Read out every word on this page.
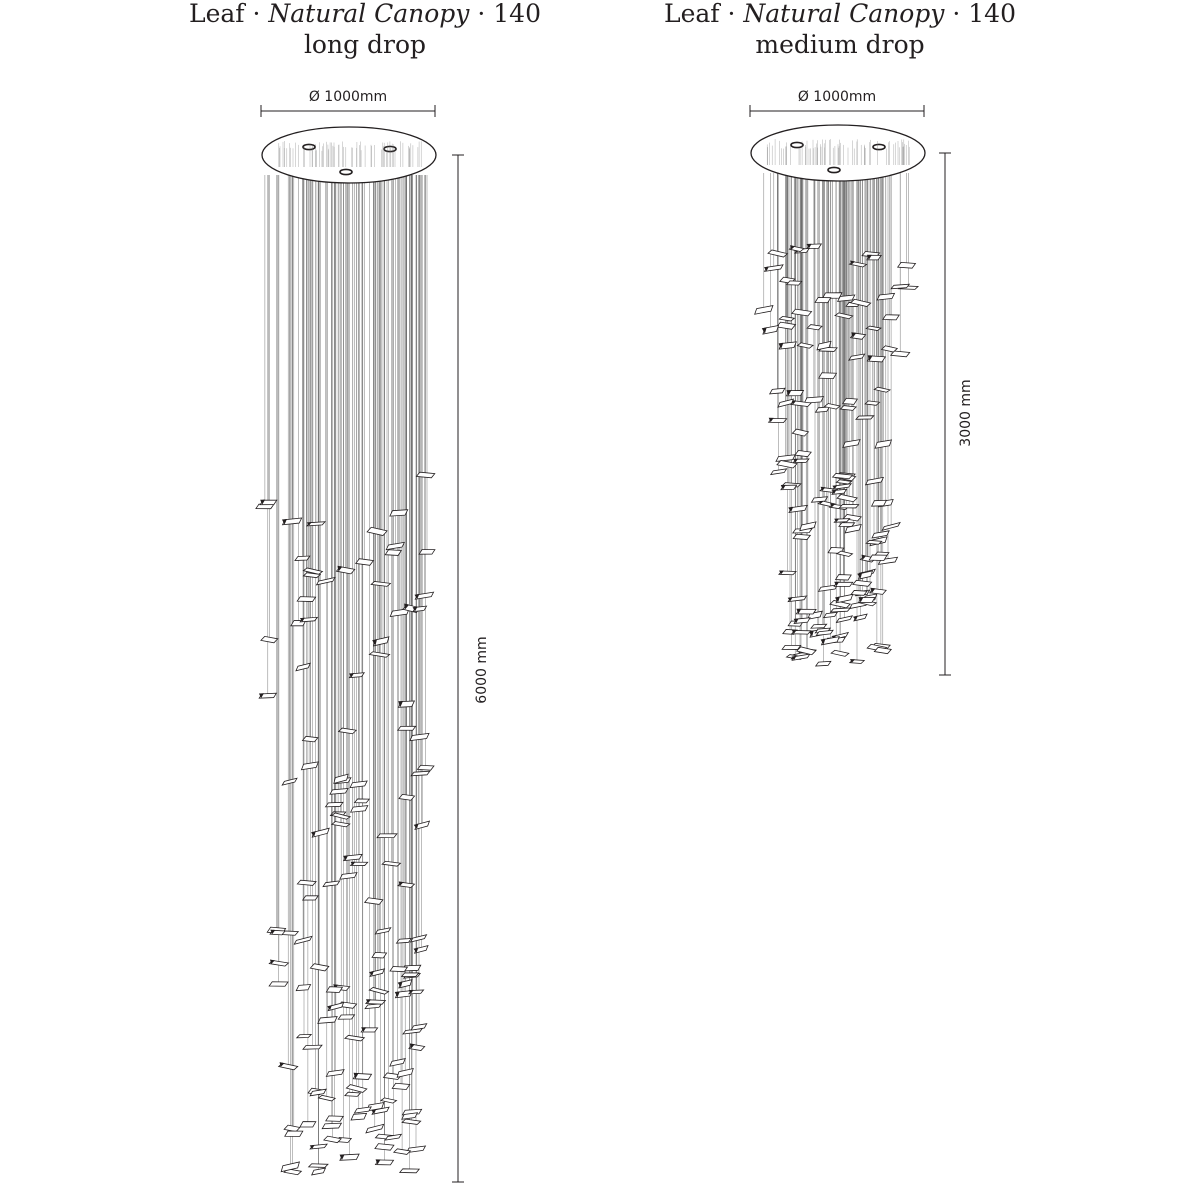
Leaf · Natural Canopy · 140
long drop
Leaf · Natural Canopy · 140
medium drop
Ø 1000mm
6000 mm
Ø 1000mm
3000 mm
